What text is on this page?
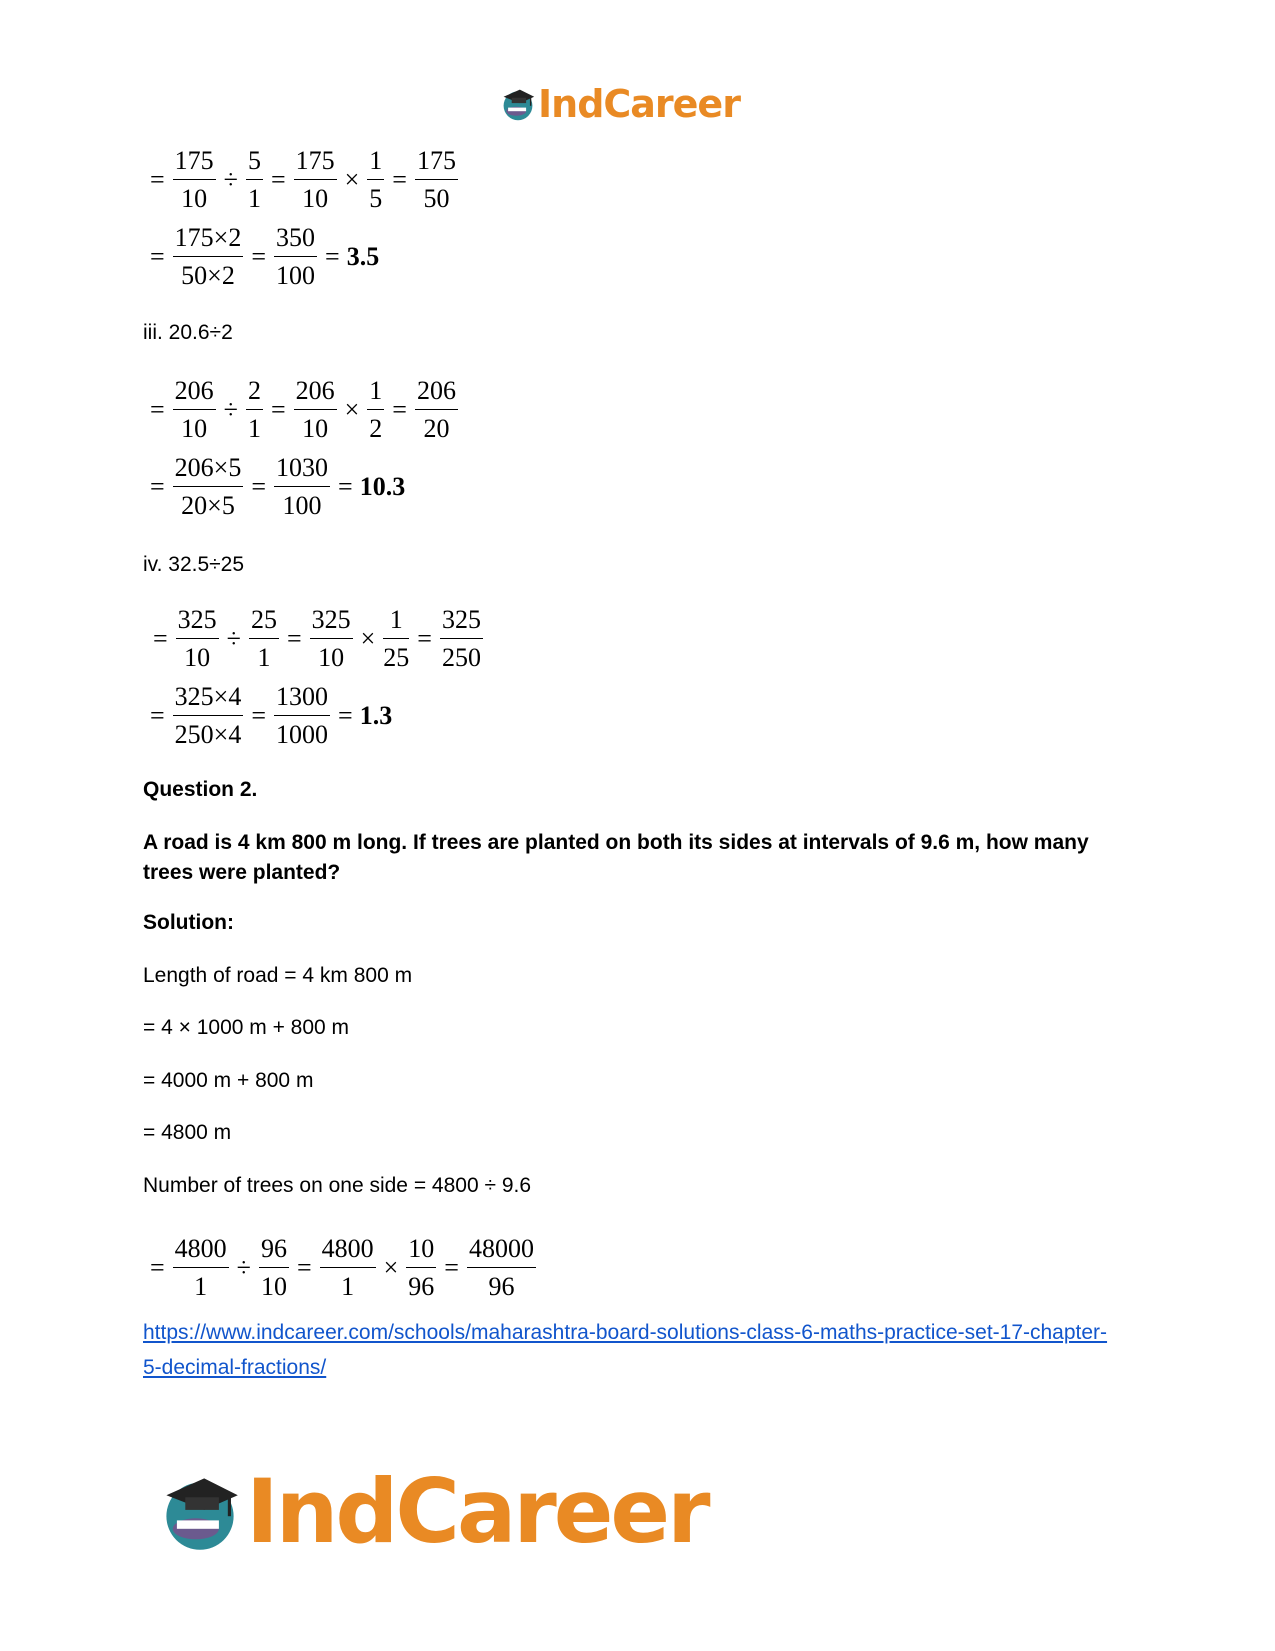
IndCareer
= $\frac{175}{10} \div \frac{5}{1} = \frac{175}{10} \times \frac{1}{5} = \frac{175}{50}$
= $\frac{175\times 2}{50\times 2} = \frac{350}{100} = 3.5$
iii. 20.6÷2
= $\frac{206}{10} \div \frac{2}{1} = \frac{206}{10} \times \frac{1}{2} = \frac{206}{20}$
= $\frac{206\times 5}{20\times 5} = \frac{1030}{100} = 10.3$
iv. 32.5÷25
= $\frac{325}{10} \div \frac{25}{1} = \frac{325}{10} \times \frac{1}{25} = \frac{325}{250}$
= $\frac{325\times 4}{250\times 4} = \frac{1300}{1000} = 1.3$
Question 2.
A road is 4 km 800 m long. If trees are planted on both its sides at intervals of 9.6 m, how many trees were planted?
Solution:
Length of road = 4 km 800 m
= 4 × 1000 m + 800 m
= 4000 m + 800 m
= 4800 m
Number of trees on one side = 4800 ÷ 9.6
= $\frac{4800}{1} \div \frac{96}{10} = \frac{4800}{1} \times \frac{10}{96} = \frac{48000}{96}$
https://www.indcareer.com/schools/maharashtra-board-solutions-class-6-maths-practice-set-17-chapter-5-decimal-fractions/
IndCareer
